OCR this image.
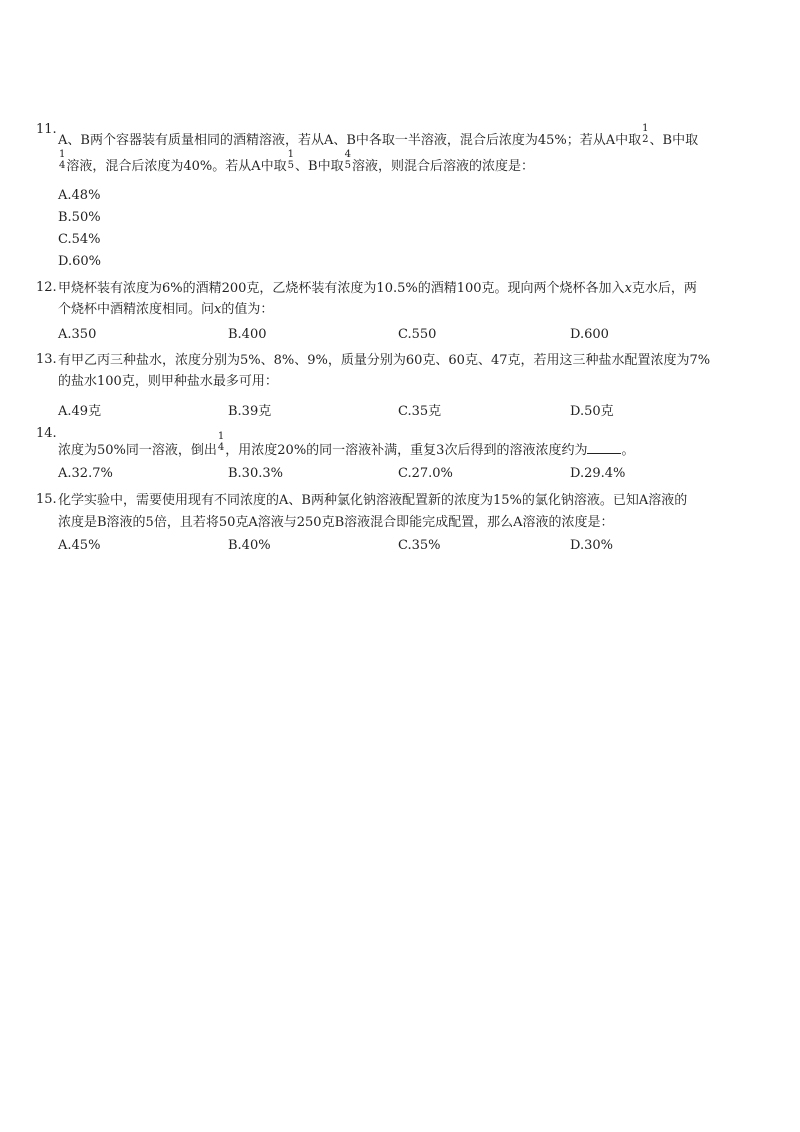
11.
A、B两个容器装有质量相同的酒精溶液，若从A、B中各取一半溶液，混合后浓度为45%；若从A中取
1
2 、B中取
1
4 溶液，混合后浓度为40%。若从A中取
1
5 、B中取
4
5 溶液，则混合后溶液的浓度是：
A.48%
B.50%
C.54%
D.60%
12. 甲烧杯装有浓度为6%的酒精200克，乙烧杯装有浓度为10.5%的酒精100克。现向两个烧杯各加入x克水后，两
个烧杯中酒精浓度相同。问x的值为：
A.350	B.400	C.550	D.600
13. 有甲乙丙三种盐水，浓度分别为5%、8%、9%，质量分别为60克、60克、47克，若用这三种盐水配置浓度为7%
的盐水100克，则甲种盐水最多可用：
A.49克	B.39克	C.35克	D.50克
14.
浓度为50%同一溶液，倒出
1
4 ，用浓度20%的同一溶液补满，重复3次后得到的溶液浓度约为	。
A.32.7%	B.30.3%	C.27.0%	D.29.4%
15. 化学实验中，需要使用现有不同浓度的A、B两种氯化钠溶液配置新的浓度为15%的氯化钠溶液。已知A溶液的
浓度是B溶液的5倍，且若将50克A溶液与250克B溶液混合即能完成配置，那么A溶液的浓度是：
A.45%	B.40%	C.35%	D.30%
